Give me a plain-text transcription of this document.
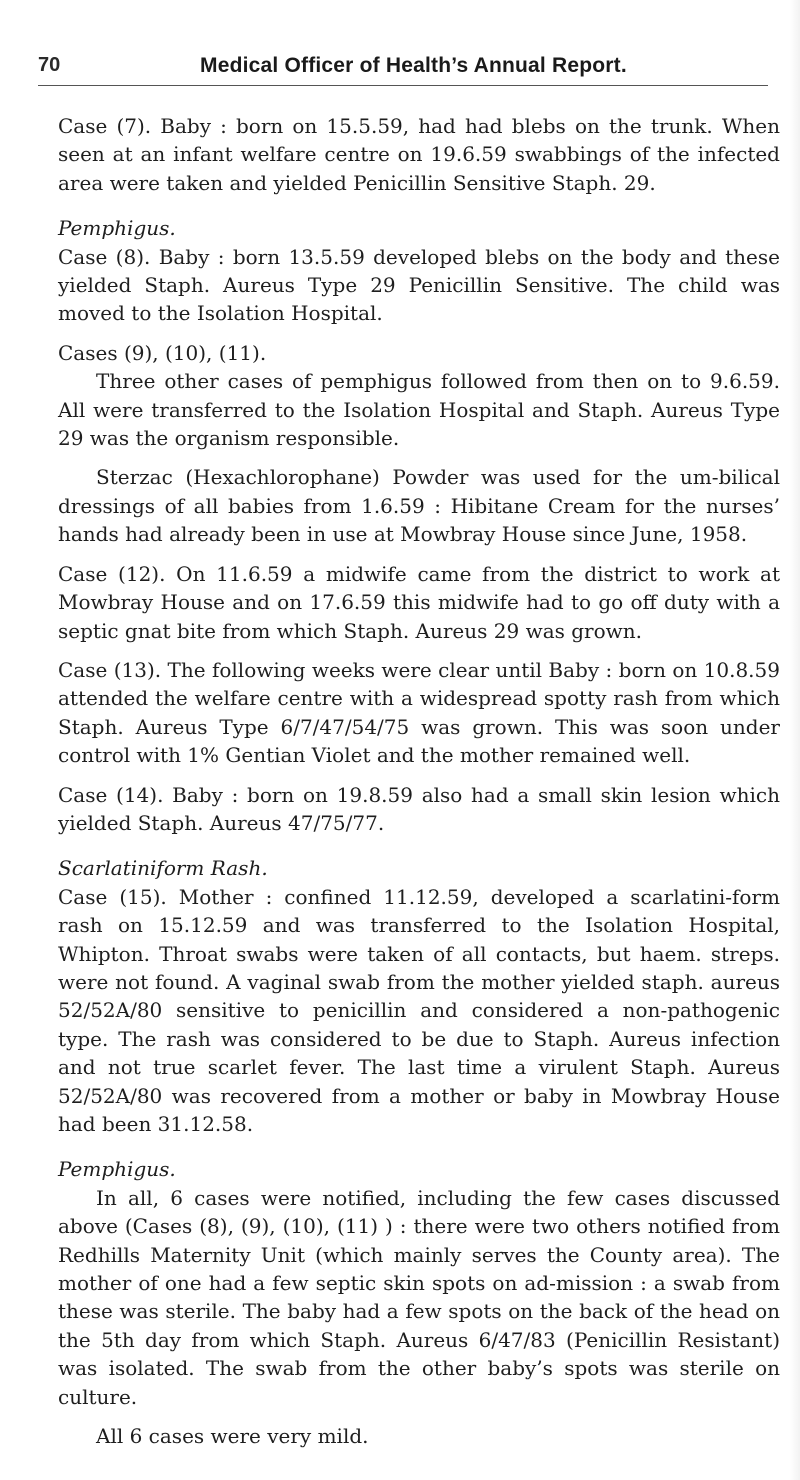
70	Medical Officer of Health’s Annual Report.

Case (7). Baby : born on 15.5.59, had had blebs on the trunk. When seen at an infant welfare centre on 19.6.59 swabbings of the infected area were taken and yielded Penicillin Sensitive Staph. 29.

Pemphigus.

Case (8). Baby : born 13.5.59 developed blebs on the body and these yielded Staph. Aureus Type 29 Penicillin Sensitive. The child was moved to the Isolation Hospital.

Cases (9), (10), (11).

Three other cases of pemphigus followed from then on to 9.6.59. All were transferred to the Isolation Hospital and Staph. Aureus Type 29 was the organism responsible.

Sterzac (Hexachlorophane) Powder was used for the um-bilical dressings of all babies from 1.6.59 : Hibitane Cream for the nurses’ hands had already been in use at Mowbray House since June, 1958.

Case (12). On 11.6.59 a midwife came from the district to work at Mowbray House and on 17.6.59 this midwife had to go off duty with a septic gnat bite from which Staph. Aureus 29 was grown.

Case (13). The following weeks were clear until Baby : born on 10.8.59 attended the welfare centre with a widespread spotty rash from which Staph. Aureus Type 6/7/47/54/75 was grown. This was soon under control with 1% Gentian Violet and the mother remained well.

Case (14). Baby : born on 19.8.59 also had a small skin lesion which yielded Staph. Aureus 47/75/77.

Scarlatiniform Rash.

Case (15). Mother : confined 11.12.59, developed a scarlatini-form rash on 15.12.59 and was transferred to the Isolation Hospital, Whipton. Throat swabs were taken of all contacts, but haem. streps. were not found. A vaginal swab from the mother yielded staph. aureus 52/52A/80 sensitive to penicillin and considered a non-pathogenic type. The rash was considered to be due to Staph. Aureus infection and not true scarlet fever. The last time a virulent Staph. Aureus 52/52A/80 was recovered from a mother or baby in Mowbray House had been 31.12.58.

Pemphigus.

In all, 6 cases were notified, including the few cases discussed above (Cases (8), (9), (10), (11) ) : there were two others notified from Redhills Maternity Unit (which mainly serves the County area). The mother of one had a few septic skin spots on ad-mission : a swab from these was sterile. The baby had a few spots on the back of the head on the 5th day from which Staph. Aureus 6/47/83 (Penicillin Resistant) was isolated. The swab from the other baby’s spots was sterile on culture.

All 6 cases were very mild.
